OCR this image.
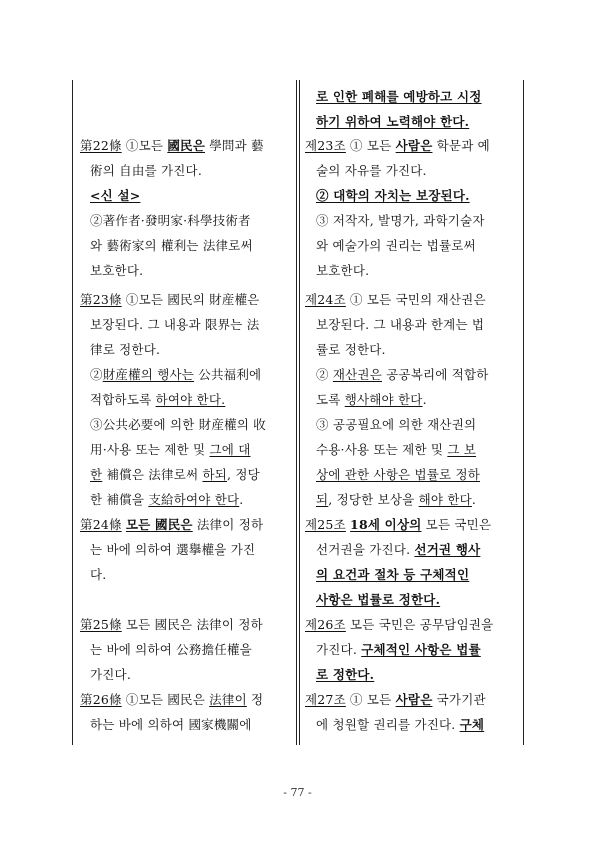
第22條 ①모든 國民은 學問과 藝
術의 自由를 가진다.
<신 설>
②著作者·發明家·科學技術者
와 藝術家의 權利는 法律로써
보호한다.
第23條 ①모든 國民의 財産權은
보장된다. 그 내용과 限界는 法
律로 정한다.
②財産權의 행사는 公共福利에
적합하도록 하여야 한다.
③公共必要에 의한 財産權의 收
用·사용 또는 제한 및 그에 대
한 補償은 法律로써 하되, 정당
한 補償을 支給하여야 한다.
第24條 모든 國民은 法律이 정하
는 바에 의하여 選擧權을 가진
다.
第25條 모든 國民은 法律이 정하
는 바에 의하여 公務擔任權을
가진다.
第26條 ①모든 國民은 法律이 정
하는 바에 의하여 國家機關에
로 인한 폐해를 예방하고 시정
하기 위하여 노력해야 한다.
제23조 ① 모든 사람은 학문과 예
술의 자유를 가진다.
② 대학의 자치는 보장된다.
③ 저작자, 발명가, 과학기술자
와 예술가의 권리는 법률로써
보호한다.
제24조 ① 모든 국민의 재산권은
보장된다. 그 내용과 한계는 법
률로 정한다.
② 재산권은 공공복리에 적합하
도록 행사해야 한다.
③ 공공필요에 의한 재산권의
수용·사용 또는 제한 및 그 보
상에 관한 사항은 법률로 정하
되, 정당한 보상을 해야 한다.
제25조 18세 이상의 모든 국민은
선거권을 가진다. 선거권 행사
의 요건과 절차 등 구체적인
사항은 법률로 정한다.
제26조 모든 국민은 공무담임권을
가진다. 구체적인 사항은 법률
로 정한다.
제27조 ① 모든 사람은 국가기관
에 청원할 권리를 가진다. 구체
- 77 -
